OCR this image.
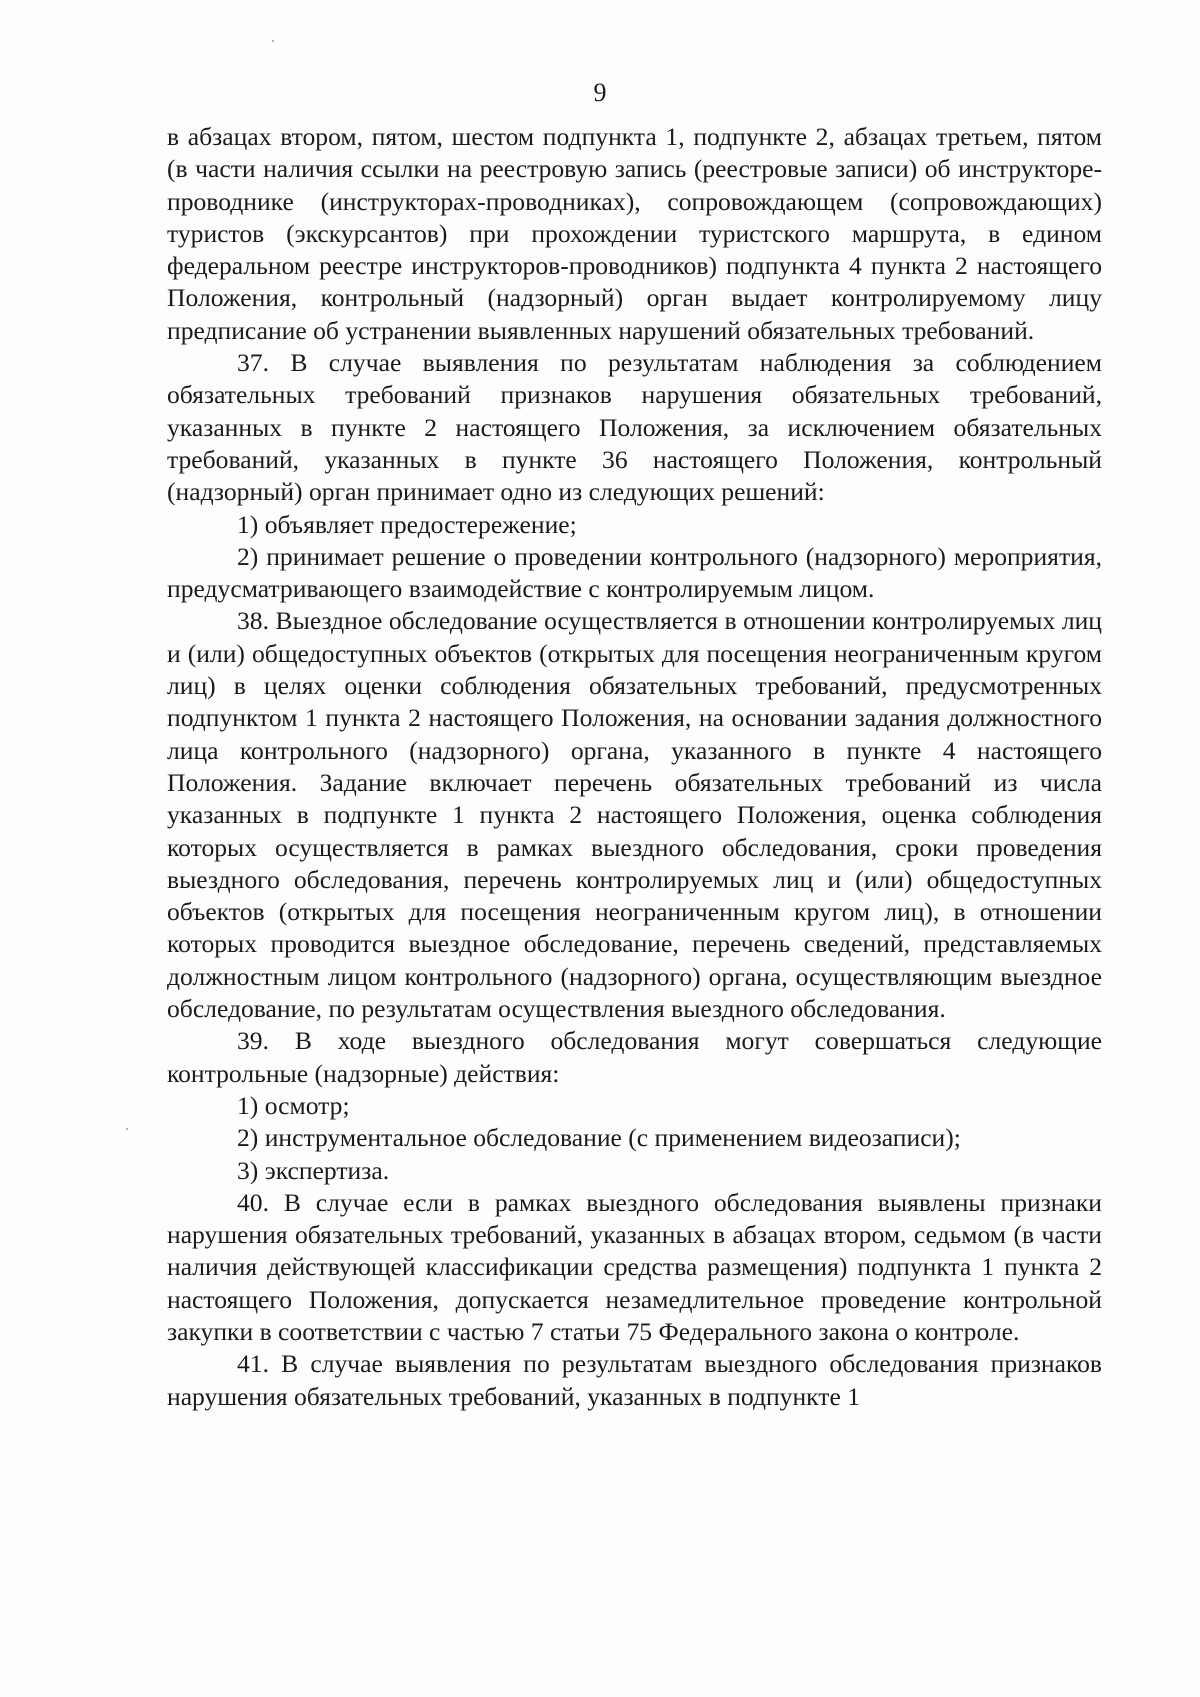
9

в абзацах втором, пятом, шестом подпункта 1, подпункте 2, абзацах третьем, пятом (в части наличия ссылки на реестровую запись (реестровые записи) об инструкторе-проводнике (инструкторах-проводниках), сопровождающем (сопровождающих) туристов (экскурсантов) при прохождении туристского маршрута, в едином федеральном реестре инструкторов-проводников) подпункта 4 пункта 2 настоящего Положения, контрольный (надзорный) орган выдает контролируемому лицу предписание об устранении выявленных нарушений обязательных требований.

37. В случае выявления по результатам наблюдения за соблюдением обязательных требований признаков нарушения обязательных требований, указанных в пункте 2 настоящего Положения, за исключением обязательных требований, указанных в пункте 36 настоящего Положения, контрольный (надзорный) орган принимает одно из следующих решений:

1) объявляет предостережение;

2) принимает решение о проведении контрольного (надзорного) мероприятия, предусматривающего взаимодействие с контролируемым лицом.

38. Выездное обследование осуществляется в отношении контролируемых лиц и (или) общедоступных объектов (открытых для посещения неограниченным кругом лиц) в целях оценки соблюдения обязательных требований, предусмотренных подпунктом 1 пункта 2 настоящего Положения, на основании задания должностного лица контрольного (надзорного) органа, указанного в пункте 4 настоящего Положения. Задание включает перечень обязательных требований из числа указанных в подпункте 1 пункта 2 настоящего Положения, оценка соблюдения которых осуществляется в рамках выездного обследования, сроки проведения выездного обследования, перечень контролируемых лиц и (или) общедоступных объектов (открытых для посещения неограниченным кругом лиц), в отношении которых проводится выездное обследование, перечень сведений, представляемых должностным лицом контрольного (надзорного) органа, осуществляющим выездное обследование, по результатам осуществления выездного обследования.

39. В ходе выездного обследования могут совершаться следующие контрольные (надзорные) действия:

1) осмотр;

2) инструментальное обследование (с применением видеозаписи);

3) экспертиза.

40. В случае если в рамках выездного обследования выявлены признаки нарушения обязательных требований, указанных в абзацах втором, седьмом (в части наличия действующей классификации средства размещения) подпункта 1 пункта 2 настоящего Положения, допускается незамедлительное проведение контрольной закупки в соответствии с частью 7 статьи 75 Федерального закона о контроле.

41. В случае выявления по результатам выездного обследования признаков нарушения обязательных требований, указанных в подпункте 1
